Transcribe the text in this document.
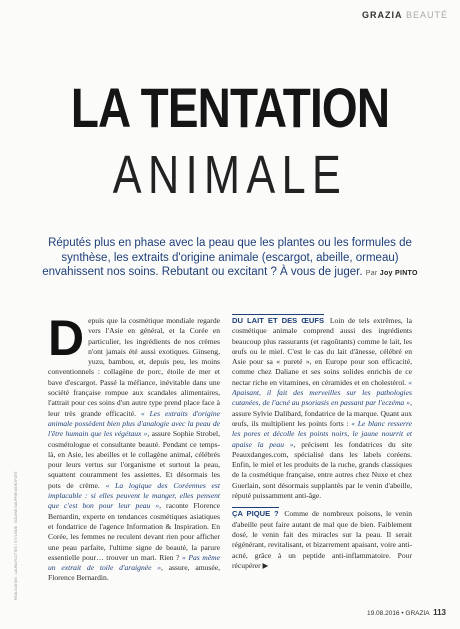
GRAZIA BEAUTÉ
LA TENTATION
ANIMALE
Réputés plus en phase avec la peau que les plantes ou les formules de synthèse, les extraits d'origine animale (escargot, abeille, ormeau) envahissent nos soins. Rebutant ou excitant ? À vous de juger. Par Joy PINTO
D epuis que la cosmétique mondiale regarde vers l'Asie en général, et la Corée en particulier, les ingrédients de nos crèmes n'ont jamais été aussi exotiques. Ginseng, yuzu, bambou, et, depuis peu, les moins conventionnels : collagène de porc, étoile de mer et bave d'escargot. Passé la méfiance, inévitable dans une société française rompue aux scandales alimentaires, l'attrait pour ces soins d'un autre type prend place face à leur très grande efficacité. « Les extraits d'origine animale possèdent bien plus d'analogie avec la peau de l'être humain que les végétaux », assure Sophie Strobel, cosmétologue et consultante beauté. Pendant ce temps-là, en Asie, les abeilles et le collagène animal, célébrés pour leurs vertus sur l'organisme et surtout la peau, squattent couramment les assiettes. Et désormais les pots de crème. « La logique des Coréennes est implacable : si elles peuvent le manger, elles pensent que c'est bon pour leur peau », raconte Florence Bernardin, experte en tendances cosmétiques asiatiques et fondatrice de l'agence Information & Inspiration. En Corée, les femmes ne reculent devant rien pour afficher une peau parfaite, l'ultime signe de beauté, la parure essentielle pour… trouver un mari. Rien ? « Pas même un extrait de toile d'araignée », assure, amusée, Florence Bernardin.
DU LAIT ET DES ŒUFS Loin de tels extrêmes, la cosmétique animale comprend aussi des ingrédients beaucoup plus rassurants (et ragoûtants) comme le lait, les œufs ou le miel. C'est le cas du lait d'ânesse, célébré en Asie pour sa « pureté », en Europe pour son efficacité, comme chez Daliane et ses soins solides enrichis de ce nectar riche en vitamines, en céramides et en cholestérol. « Apaisant, il fait des merveilles sur les pathologies cutanées, de l'acné au psoriasis en passant par l'eczéma », assure Sylvie Dalibard, fondatrice de la marque. Quant aux œufs, ils multiplient les points forts : « Le blanc resserre les pores et décolle les points noirs, le jaune nourrit et apaise la peau », précisent les fondatrices du site Peauxdanges.com, spécialisé dans les labels coréens. Enfin, le miel et les produits de la ruche, grands classiques de la cosmétique française, entre autres chez Nuxe et chez Guerlain, sont désormais supplantés par le venin d'abeille, réputé puissamment anti-âge.
ÇA PIQUE ? Comme de nombreux poisons, le venin d'abeille peut faire autant de mal que de bien. Faiblement dosé, le venin fait des miracles sur la peau. Il serait régénérant, revitalisant, et bizarrement apaisant, voire anti-acné, grâce à un peptide anti-inflammatoire. Pour récupérer ▶
RÉALISATION : LAURA FLOTTES / STYLISME : SOLENE DAUPHIN MONTFORT
19.08.2016 • GRAZIA 113
